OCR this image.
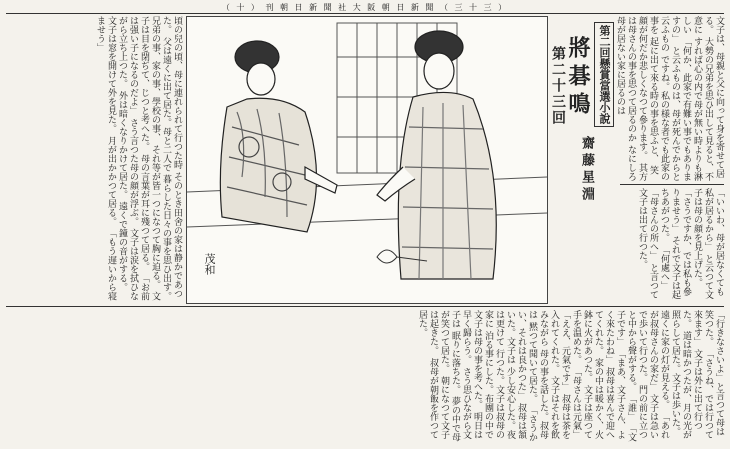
（ 十 ） 刊 朝 日 新 聞 社 大 阪 朝 日 新 聞 （ 三 十 三 ）
文子は、母親と父に向って身を寄せて居る。 大勢の兄弟を思ひ出して見ると、不意に すれば心の内で母が無い時よりも淋しい 「何か、此家で有難い事でもありますの」 と云ふものは、母が死んでからと云ふもの ですね。私の様な者でも此家の事を 起に出て來る時の事を思ふと、 笑顔が何だか悲しくなつて參ります。 其方は母さんの事を思つて居るのか なにしろ母が居ない家に居るのは
「いいわ、母が居なくても私が居るから」 と云つて文子は母の顔を見上げた。 「さうですか、では私も參りませう」 それで文子は起ちあがつた。 「何處へ」 「母さんの所へ」 と言つて文子は出て行つた。
第二回懸賞當選小說
將碁鳴
第二十三回
齋藤星淵
茂和
頃の兒の頃、母に連れられて行つた時 そのとき田舍の家は静かであつた。 父は遠くに出て居た。母と二人で 暮らした日々の事を思ひ出す。 兄弟の事、家の事、學校の事、 それ等が皆一つになつて胸に迫る。 文子は目を閉ぢて、じつと考へた。 母の言葉が耳に殘つて居る。 「お前は强い子になるのだよ」 さう言つた母の顔が浮ぶ。 文子は涙を拭ひながら立ち上つた。 外は暗くなりかけて居た。 遠くで鐘の音がする。 文子は窓を開けて外を見た。 月が出かかつて居る。 「もう遅いから寝ませう」
「行きなさいよ」と言つて母は笑つた。 「さうね、では行つて來ます」 文子は外に出て行つた。 道は暗かつたが、月の光が 照らして居た。文子は歩いた。 遠くに家の灯が見える。 「あれが叔母さんの家だ」 文子は急いで歩いて行つた。 門の前に立つと中から聲がする。 「誰」 「文子です」 「まあ、文子さん、よく來たわね」 叔母は喜んで迎へてくれた。 家の中は暖かく、火鉢に火があつた。 文子は座つて手を温めた。 「母さんは元氣」 「ええ、元氣です」 叔母は茶を入れてくれた。 文子はそれを飲みながら 母の事を話した。叔母は 黙つて聞いて居た。 「さうかい、それは良かつた」 叔母は頷いた。文子は 少し安心した。夜は更けて 行つた。文子は叔母の家に 泊る事にした。布團の中で 文子は母の事を考へた。 明日は早く歸らう。 さう思ひながら文子は 眠りに落ちた。 夢の中で母が笑つて居た。 朝になつて文子は起きた。 叔母が朝飯を作つて居た。
